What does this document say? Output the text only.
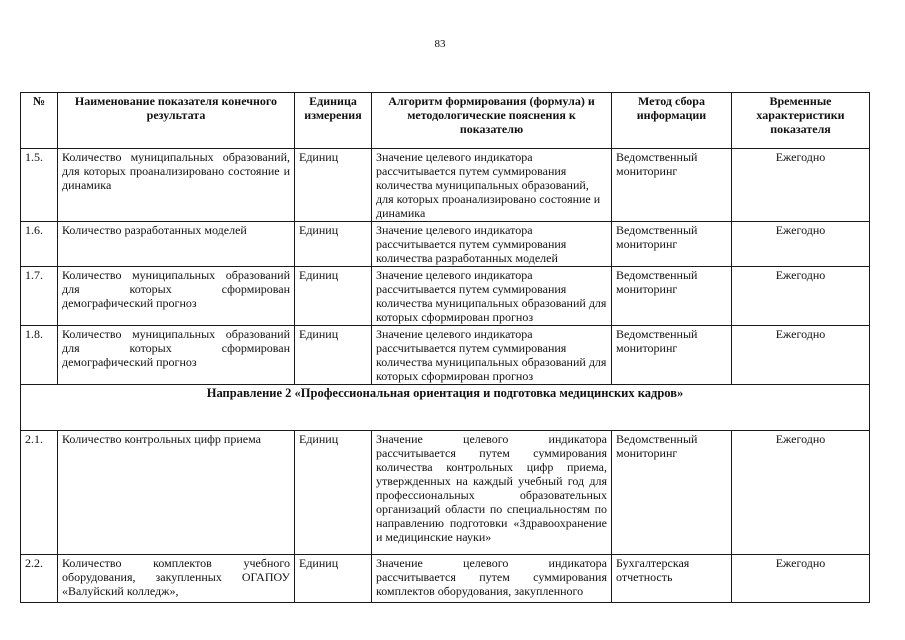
83
№	Наименование показателя конечного результата	Единица измерения	Алгоритм формирования (формула) и методологические пояснения к показателю	Метод сбора информации	Временные характеристики показателя
1.5.	Количество муниципальных образований, для которых проанализировано состояние и динамика	Единиц	Значение целевого индикатора рассчитывается путем суммирования количества муниципальных образований, для которых проанализировано состояние и динамика	Ведомственный мониторинг	Ежегодно
1.6.	Количество разработанных моделей	Единиц	Значение целевого индикатора рассчитывается путем суммирования количества разработанных моделей	Ведомственный мониторинг	Ежегодно
1.7.	Количество муниципальных образований для которых сформирован демографический прогноз	Единиц	Значение целевого индикатора рассчитывается путем суммирования количества муниципальных образований для которых сформирован прогноз	Ведомственный мониторинг	Ежегодно
1.8.	Количество муниципальных образований для которых сформирован демографический прогноз	Единиц	Значение целевого индикатора рассчитывается путем суммирования количества муниципальных образований для которых сформирован прогноз	Ведомственный мониторинг	Ежегодно
Направление 2 «Профессиональная ориентация и подготовка медицинских кадров»					
2.1.	Количество контрольных цифр приема	Единиц	Значение целевого индикатора рассчитывается путем суммирования количества контрольных цифр приема, утвержденных на каждый учебный год для профессиональных образовательных организаций области по специальностям по направлению подготовки «Здравоохранение и медицинские науки»	Ведомственный мониторинг	Ежегодно
2.2.	Количество комплектов учебного оборудования, закупленных ОГАПОУ «Валуйский колледж»,	Единиц	Значение целевого индикатора рассчитывается путем суммирования комплектов оборудования, закупленного	Бухгалтерская отчетность	Ежегодно
